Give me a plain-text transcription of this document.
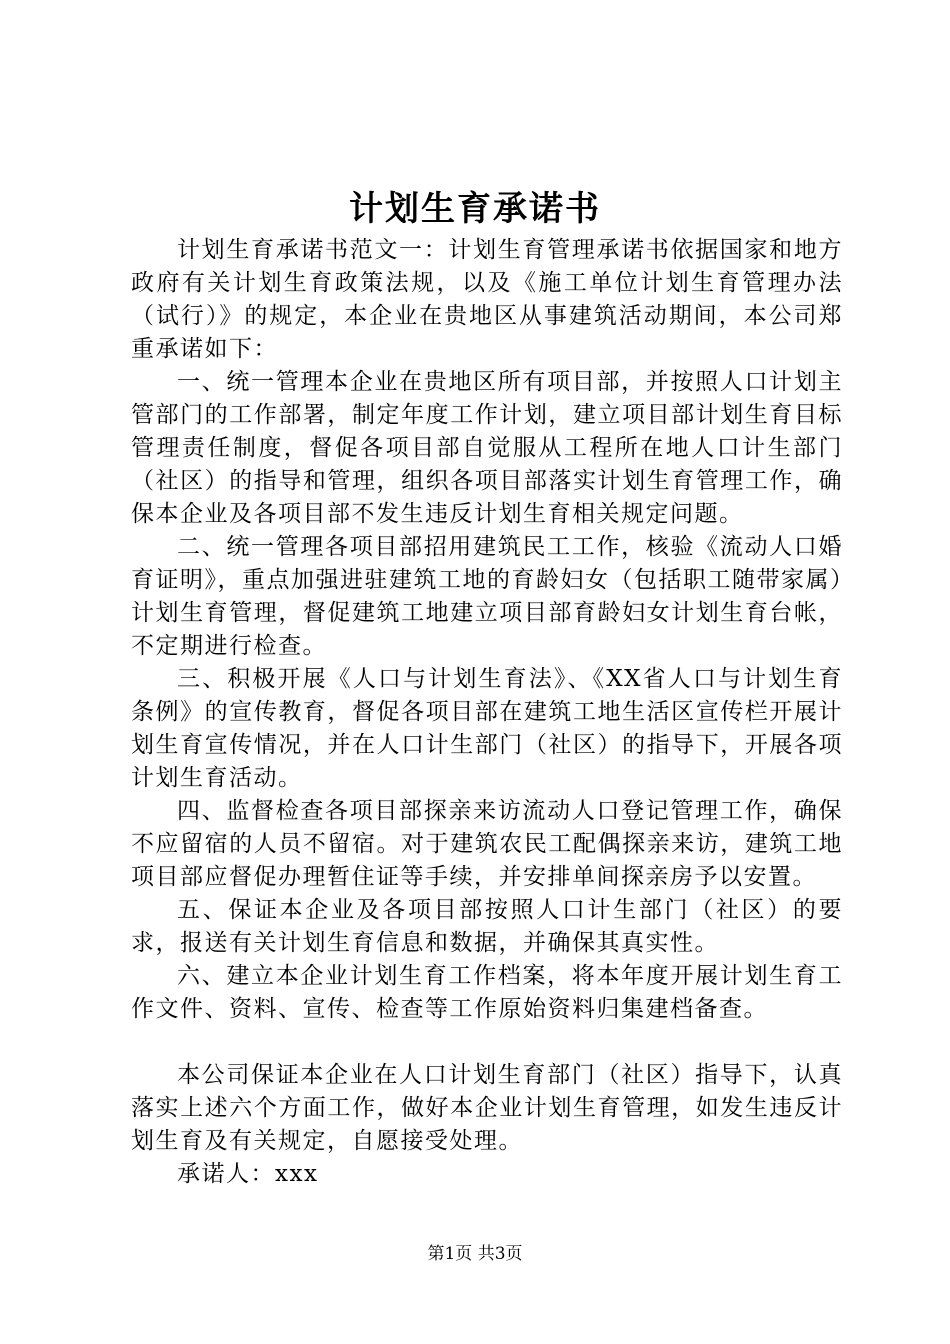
计划生育承诺书

计划生育承诺书范文一：计划生育管理承诺书依据国家和地方政府有关计划生育政策法规，以及《施工单位计划生育管理办法（试行）》的规定，本企业在贵地区从事建筑活动期间，本公司郑重承诺如下：

一、统一管理本企业在贵地区所有项目部，并按照人口计划主管部门的工作部署，制定年度工作计划，建立项目部计划生育目标管理责任制度，督促各项目部自觉服从工程所在地人口计生部门（社区）的指导和管理，组织各项目部落实计划生育管理工作，确保本企业及各项目部不发生违反计划生育相关规定问题。

二、统一管理各项目部招用建筑民工工作，核验《流动人口婚育证明》，重点加强进驻建筑工地的育龄妇女（包括职工随带家属）计划生育管理，督促建筑工地建立项目部育龄妇女计划生育台帐，不定期进行检查。

三、积极开展《人口与计划生育法》、《XX省人口与计划生育条例》的宣传教育，督促各项目部在建筑工地生活区宣传栏开展计划生育宣传情况，并在人口计生部门（社区）的指导下，开展各项计划生育活动。

四、监督检查各项目部探亲来访流动人口登记管理工作，确保不应留宿的人员不留宿。对于建筑农民工配偶探亲来访，建筑工地项目部应督促办理暂住证等手续，并安排单间探亲房予以安置。

五、保证本企业及各项目部按照人口计生部门（社区）的要求，报送有关计划生育信息和数据，并确保其真实性。

六、建立本企业计划生育工作档案，将本年度开展计划生育工作文件、资料、宣传、检查等工作原始资料归集建档备查。

本公司保证本企业在人口计划生育部门（社区）指导下，认真落实上述六个方面工作，做好本企业计划生育管理，如发生违反计划生育及有关规定，自愿接受处理。

承诺人：xxx

第1页 共3页
